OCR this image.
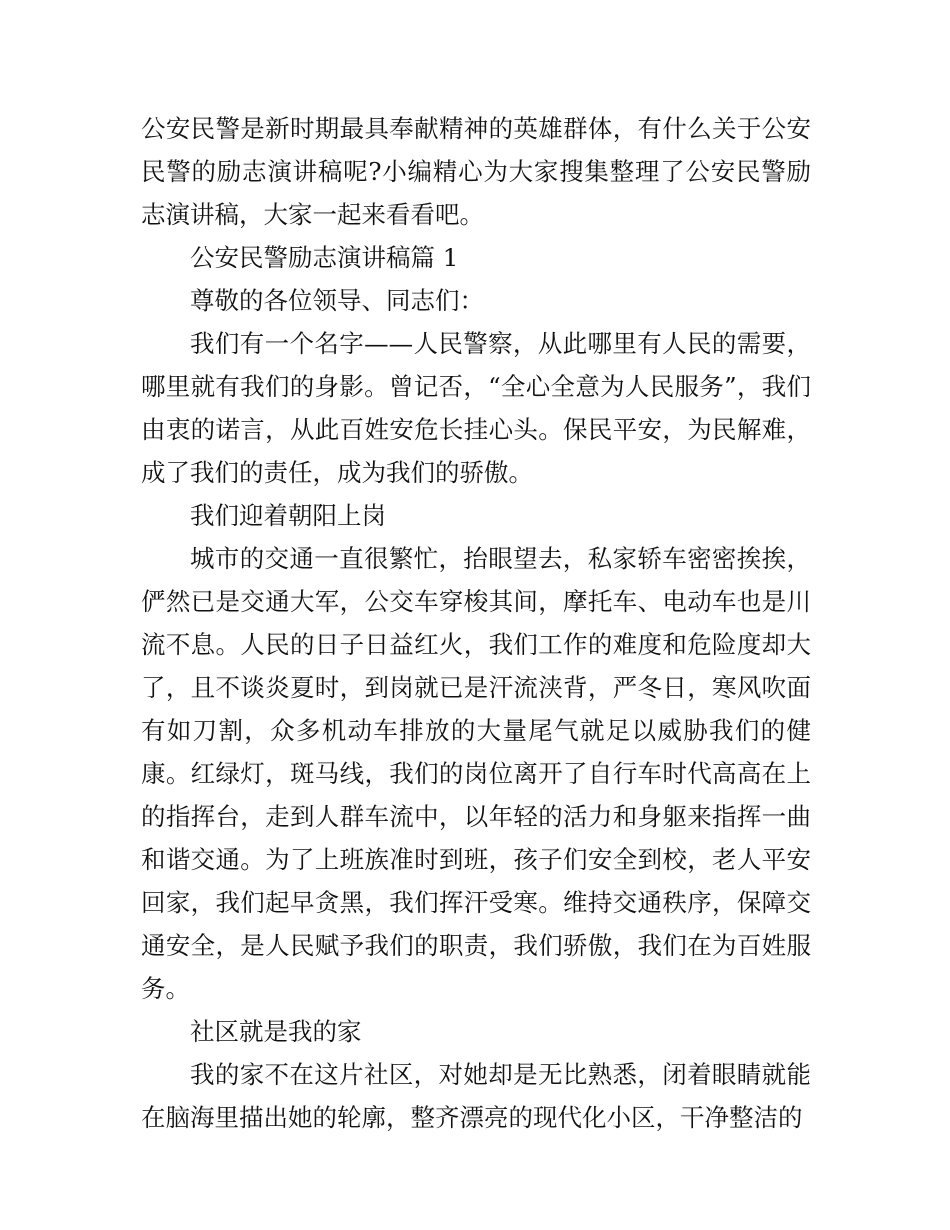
公安民警是新时期最具奉献精神的英雄群体，有什么关于公安民警的励志演讲稿呢?小编精心为大家搜集整理了公安民警励志演讲稿，大家一起来看看吧。

公安民警励志演讲稿篇 1

尊敬的各位领导、同志们：

我们有一个名字——人民警察，从此哪里有人民的需要，哪里就有我们的身影。曾记否，“全心全意为人民服务”，我们由衷的诺言，从此百姓安危长挂心头。保民平安，为民解难，成了我们的责任，成为我们的骄傲。

我们迎着朝阳上岗

城市的交通一直很繁忙，抬眼望去，私家轿车密密挨挨，俨然已是交通大军，公交车穿梭其间，摩托车、电动车也是川流不息。人民的日子日益红火，我们工作的难度和危险度却大了，且不谈炎夏时，到岗就已是汗流浃背，严冬日，寒风吹面有如刀割，众多机动车排放的大量尾气就足以威胁我们的健康。红绿灯，斑马线，我们的岗位离开了自行车时代高高在上的指挥台，走到人群车流中，以年轻的活力和身躯来指挥一曲和谐交通。为了上班族准时到班，孩子们安全到校，老人平安回家，我们起早贪黑，我们挥汗受寒。维持交通秩序，保障交通安全，是人民赋予我们的职责，我们骄傲，我们在为百姓服务。

社区就是我的家

我的家不在这片社区，对她却是无比熟悉，闭着眼睛就能在脑海里描出她的轮廓，整齐漂亮的现代化小区，干净整洁的
